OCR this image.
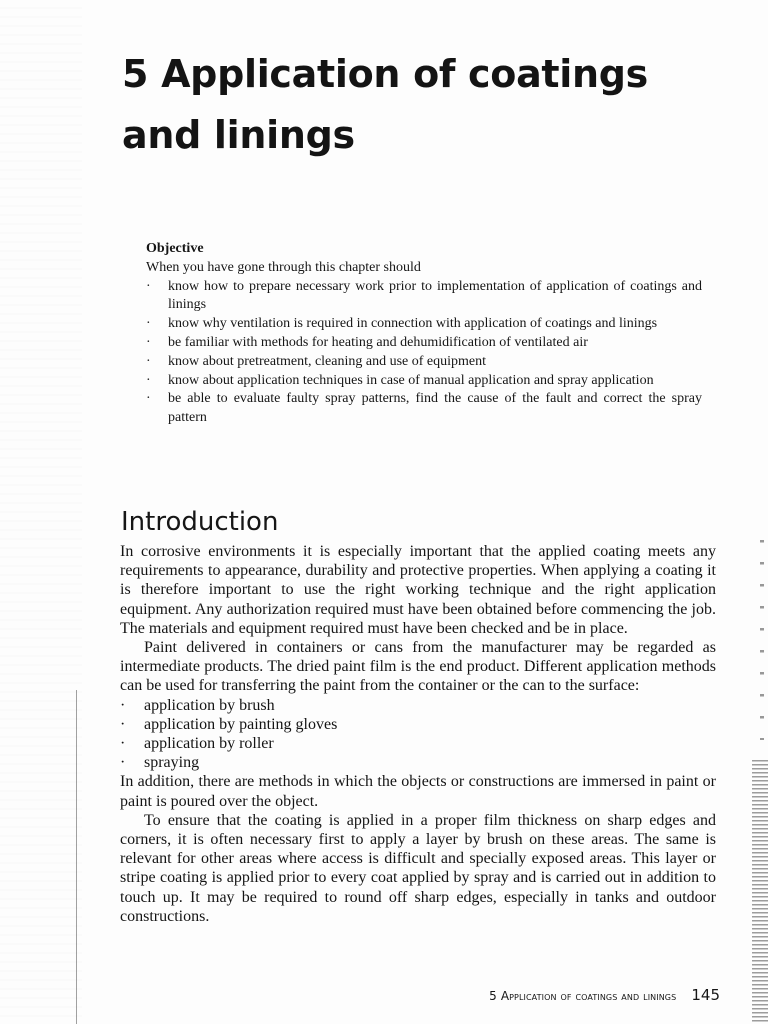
5 Application of coatings
and linings
Objective
When you have gone through this chapter should
· know how to prepare necessary work prior to implementation of application of coatings and linings
· know why ventilation is required in connection with application of coatings and linings
· be familiar with methods for heating and dehumidification of ventilated air
· know about pretreatment, cleaning and use of equipment
· know about application techniques in case of manual application and spray application
· be able to evaluate faulty spray patterns, find the cause of the fault and correct the spray pattern
Introduction

In corrosive environments it is especially important that the applied coating meets any requirements to appearance, durability and protective properties. When applying a coating it is therefore important to use the right working technique and the right application equipment. Any authorization required must have been obtained before commencing the job. The materials and equipment required must have been checked and be in place.

Paint delivered in containers or cans from the manufacturer may be regarded as intermediate products. The dried paint film is the end product. Different application methods can be used for transferring the paint from the container or the can to the surface:

· application by brush
· application by painting gloves
· application by roller
· spraying

In addition, there are methods in which the objects or constructions are immersed in paint or paint is poured over the object.

To ensure that the coating is applied in a proper film thickness on sharp edges and corners, it is often necessary first to apply a layer by brush on these areas. The same is relevant for other areas where access is difficult and specially exposed areas. This layer or stripe coating is applied prior to every coat applied by spray and is carried out in addition to touch up. It may be required to round off sharp edges, especially in tanks and outdoor constructions.

5 Application of coatings and linings 145
